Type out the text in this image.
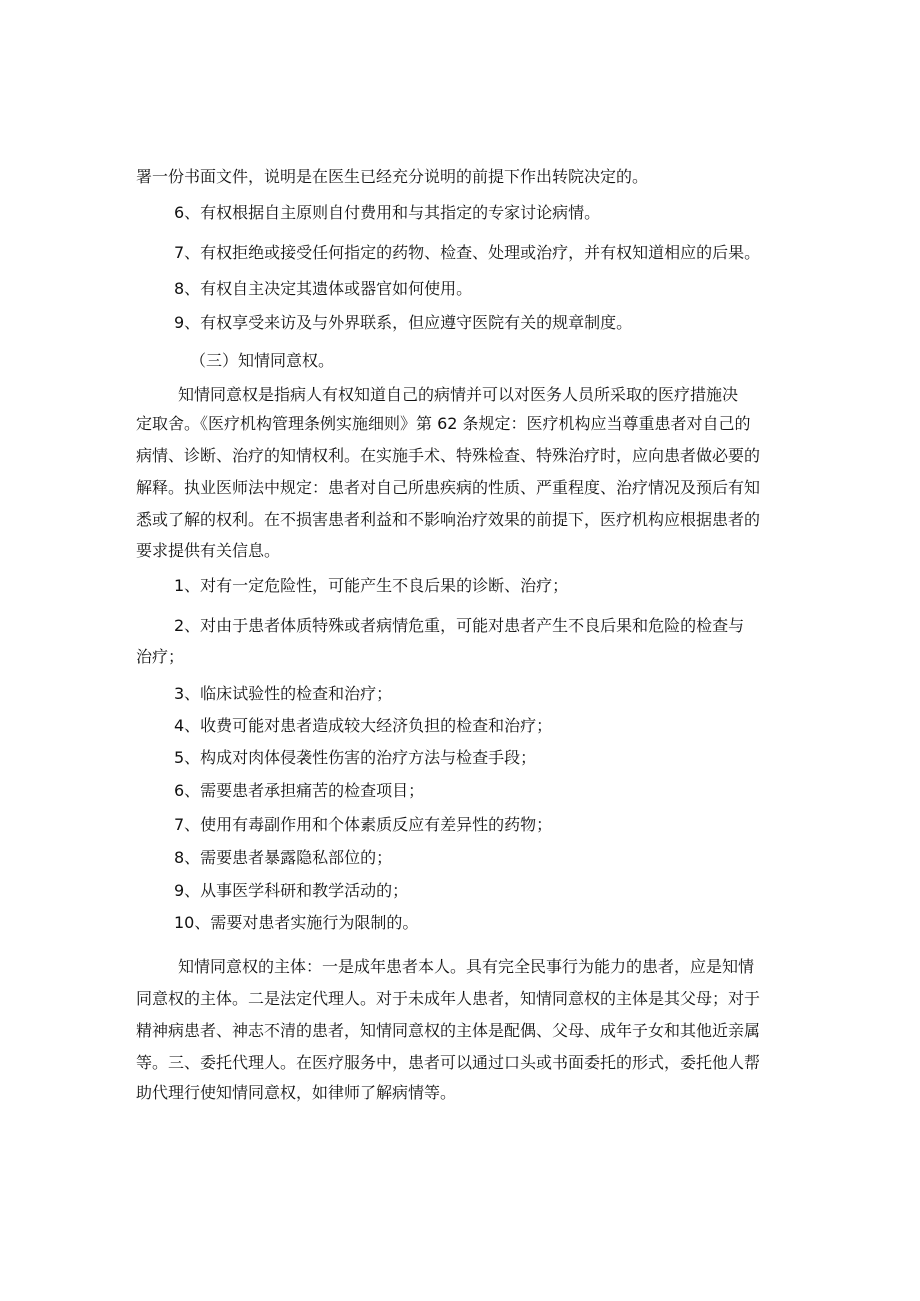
署一份书面文件，说明是在医生已经充分说明的前提下作出转院决定的。
6、有权根据自主原则自付费用和与其指定的专家讨论病情。
7、有权拒绝或接受任何指定的药物、检查、处理或治疗，并有权知道相应的后果。
8、有权自主决定其遗体或器官如何使用。
9、有权享受来访及与外界联系，但应遵守医院有关的规章制度。
（三）知情同意权。
知情同意权是指病人有权知道自己的病情并可以对医务人员所采取的医疗措施决
定取舍。《医疗机构管理条例实施细则》第 62 条规定：医疗机构应当尊重患者对自己的
病情、诊断、治疗的知情权利。在实施手术、特殊检查、特殊治疗时，应向患者做必要的
解释。执业医师法中规定：患者对自己所患疾病的性质、严重程度、治疗情况及预后有知
悉或了解的权利。在不损害患者利益和不影响治疗效果的前提下，医疗机构应根据患者的
要求提供有关信息。
1、对有一定危险性，可能产生不良后果的诊断、治疗；
2、对由于患者体质特殊或者病情危重，可能对患者产生不良后果和危险的检查与
治疗；
3、临床试验性的检查和治疗；
4、收费可能对患者造成较大经济负担的检查和治疗；
5、构成对肉体侵袭性伤害的治疗方法与检查手段；
6、需要患者承担痛苦的检查项目；
7、使用有毒副作用和个体素质反应有差异性的药物；
8、需要患者暴露隐私部位的；
9、从事医学科研和教学活动的；
10、需要对患者实施行为限制的。
知情同意权的主体：一是成年患者本人。具有完全民事行为能力的患者，应是知情
同意权的主体。二是法定代理人。对于未成年人患者，知情同意权的主体是其父母；对于
精神病患者、神志不清的患者，知情同意权的主体是配偶、父母、成年子女和其他近亲属
等。三、委托代理人。在医疗服务中，患者可以通过口头或书面委托的形式，委托他人帮
助代理行使知情同意权，如律师了解病情等。
